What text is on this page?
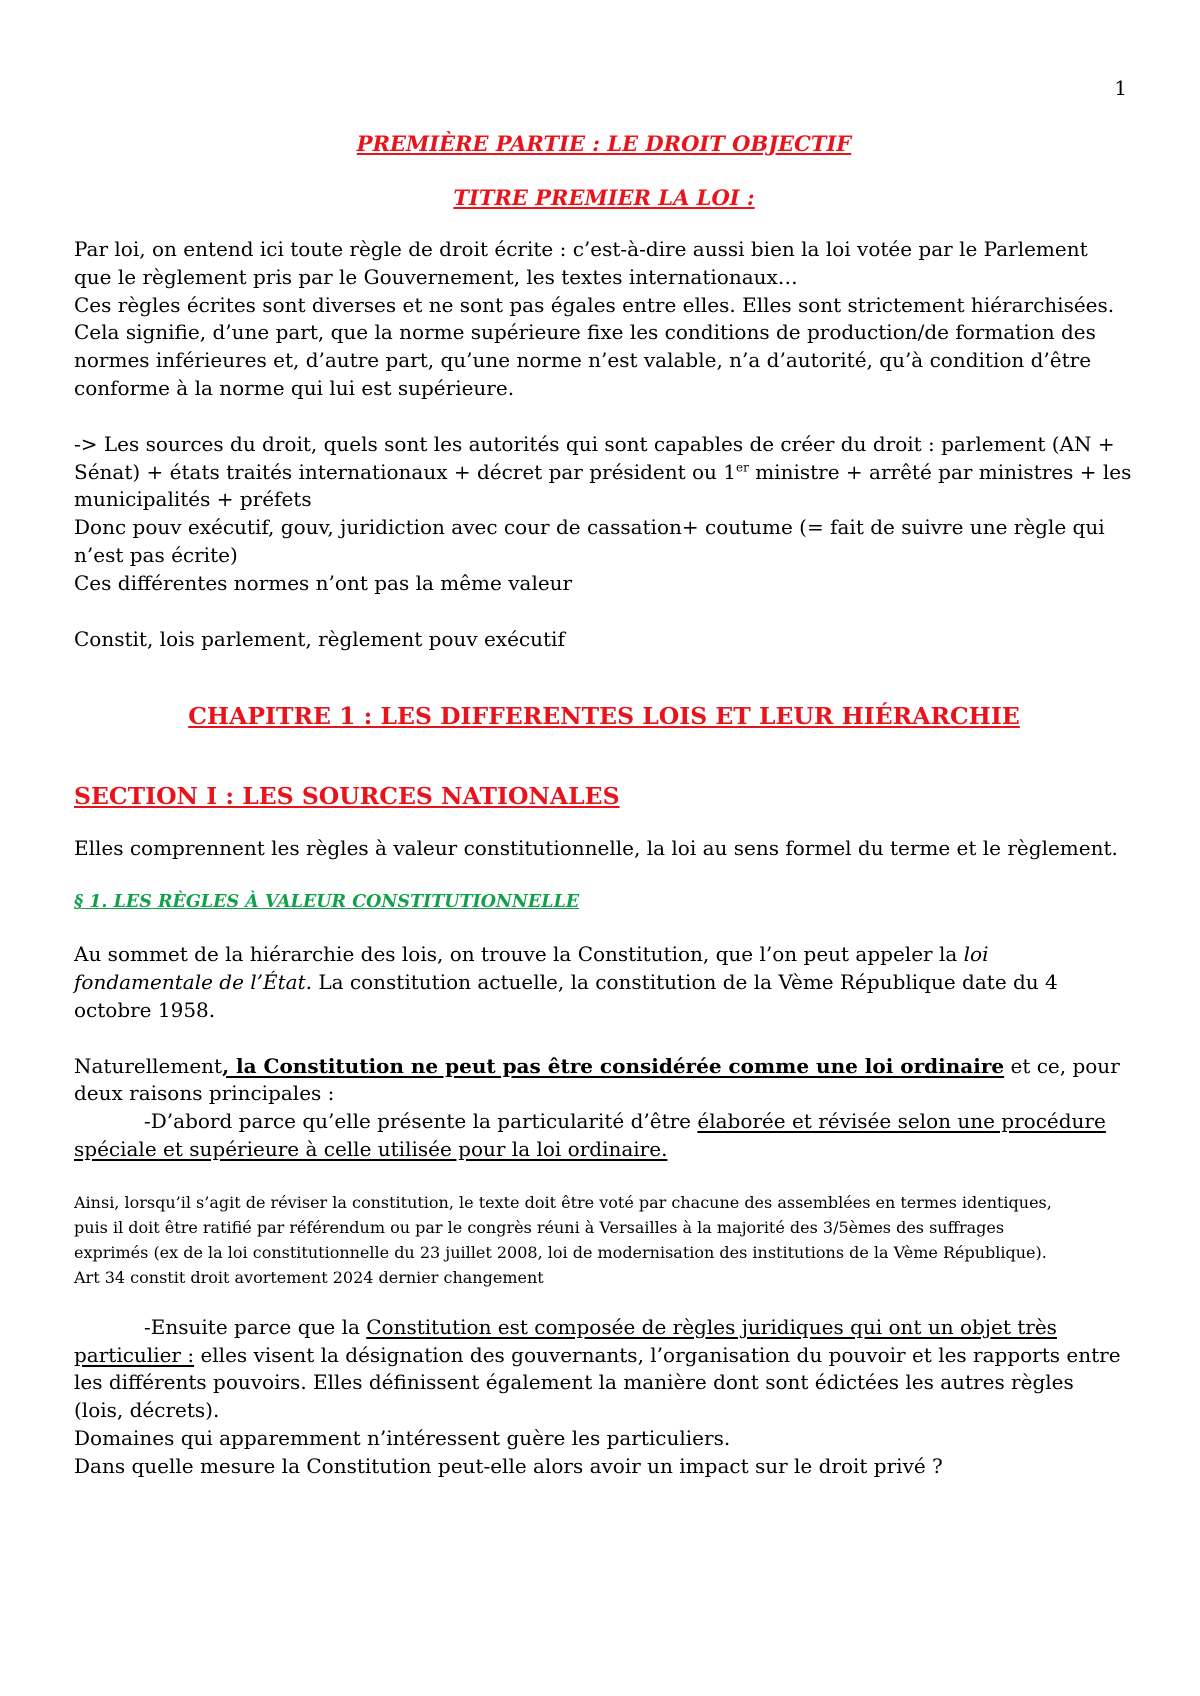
1

PREMIÈRE PARTIE : LE DROIT OBJECTIF

TITRE PREMIER LA LOI :

Par loi, on entend ici toute règle de droit écrite : c’est-à-dire aussi bien la loi votée par le Parlement

que le règlement pris par le Gouvernement, les textes internationaux…

Ces règles écrites sont diverses et ne sont pas égales entre elles. Elles sont strictement hiérarchisées.

Cela signifie, d’une part, que la norme supérieure fixe les conditions de production/de formation des

normes inférieures et, d’autre part, qu’une norme n’est valable, n’a d’autorité, qu’à condition d’être

conforme à la norme qui lui est supérieure.

-> Les sources du droit, quels sont les autorités qui sont capables de créer du droit : parlement (AN +

Sénat) + états traités internationaux + décret par président ou 1er ministre + arrêté par ministres + les

municipalités + préfets

Donc pouv exécutif, gouv, juridiction avec cour de cassation+ coutume (= fait de suivre une règle qui

n’est pas écrite)

Ces différentes normes n’ont pas la même valeur

Constit, lois parlement, règlement pouv exécutif

CHAPITRE 1 : LES DIFFERENTES LOIS ET LEUR HIÉRARCHIE

SECTION I : LES SOURCES NATIONALES

Elles comprennent les règles à valeur constitutionnelle, la loi au sens formel du terme et le règlement.

§ 1. LES RÈGLES À VALEUR CONSTITUTIONNELLE

Au sommet de la hiérarchie des lois, on trouve la Constitution, que l’on peut appeler la loi

fondamentale de l’État. La constitution actuelle, la constitution de la Vème République date du 4

octobre 1958.

Naturellement, la Constitution ne peut pas être considérée comme une loi ordinaire et ce, pour

deux raisons principales :

-D’abord parce qu’elle présente la particularité d’être élaborée et révisée selon une procédure

spéciale et supérieure à celle utilisée pour la loi ordinaire.

Ainsi, lorsqu’il s’agit de réviser la constitution, le texte doit être voté par chacune des assemblées en termes identiques,

puis il doit être ratifié par référendum ou par le congrès réuni à Versailles à la majorité des 3/5èmes des suffrages

exprimés (ex de la loi constitutionnelle du 23 juillet 2008, loi de modernisation des institutions de la Vème République).

Art 34 constit droit avortement 2024 dernier changement

-Ensuite parce que la Constitution est composée de règles juridiques qui ont un objet très

particulier : elles visent la désignation des gouvernants, l’organisation du pouvoir et les rapports entre

les différents pouvoirs. Elles définissent également la manière dont sont édictées les autres règles

(lois, décrets).

Domaines qui apparemment n’intéressent guère les particuliers.

Dans quelle mesure la Constitution peut-elle alors avoir un impact sur le droit privé ?
